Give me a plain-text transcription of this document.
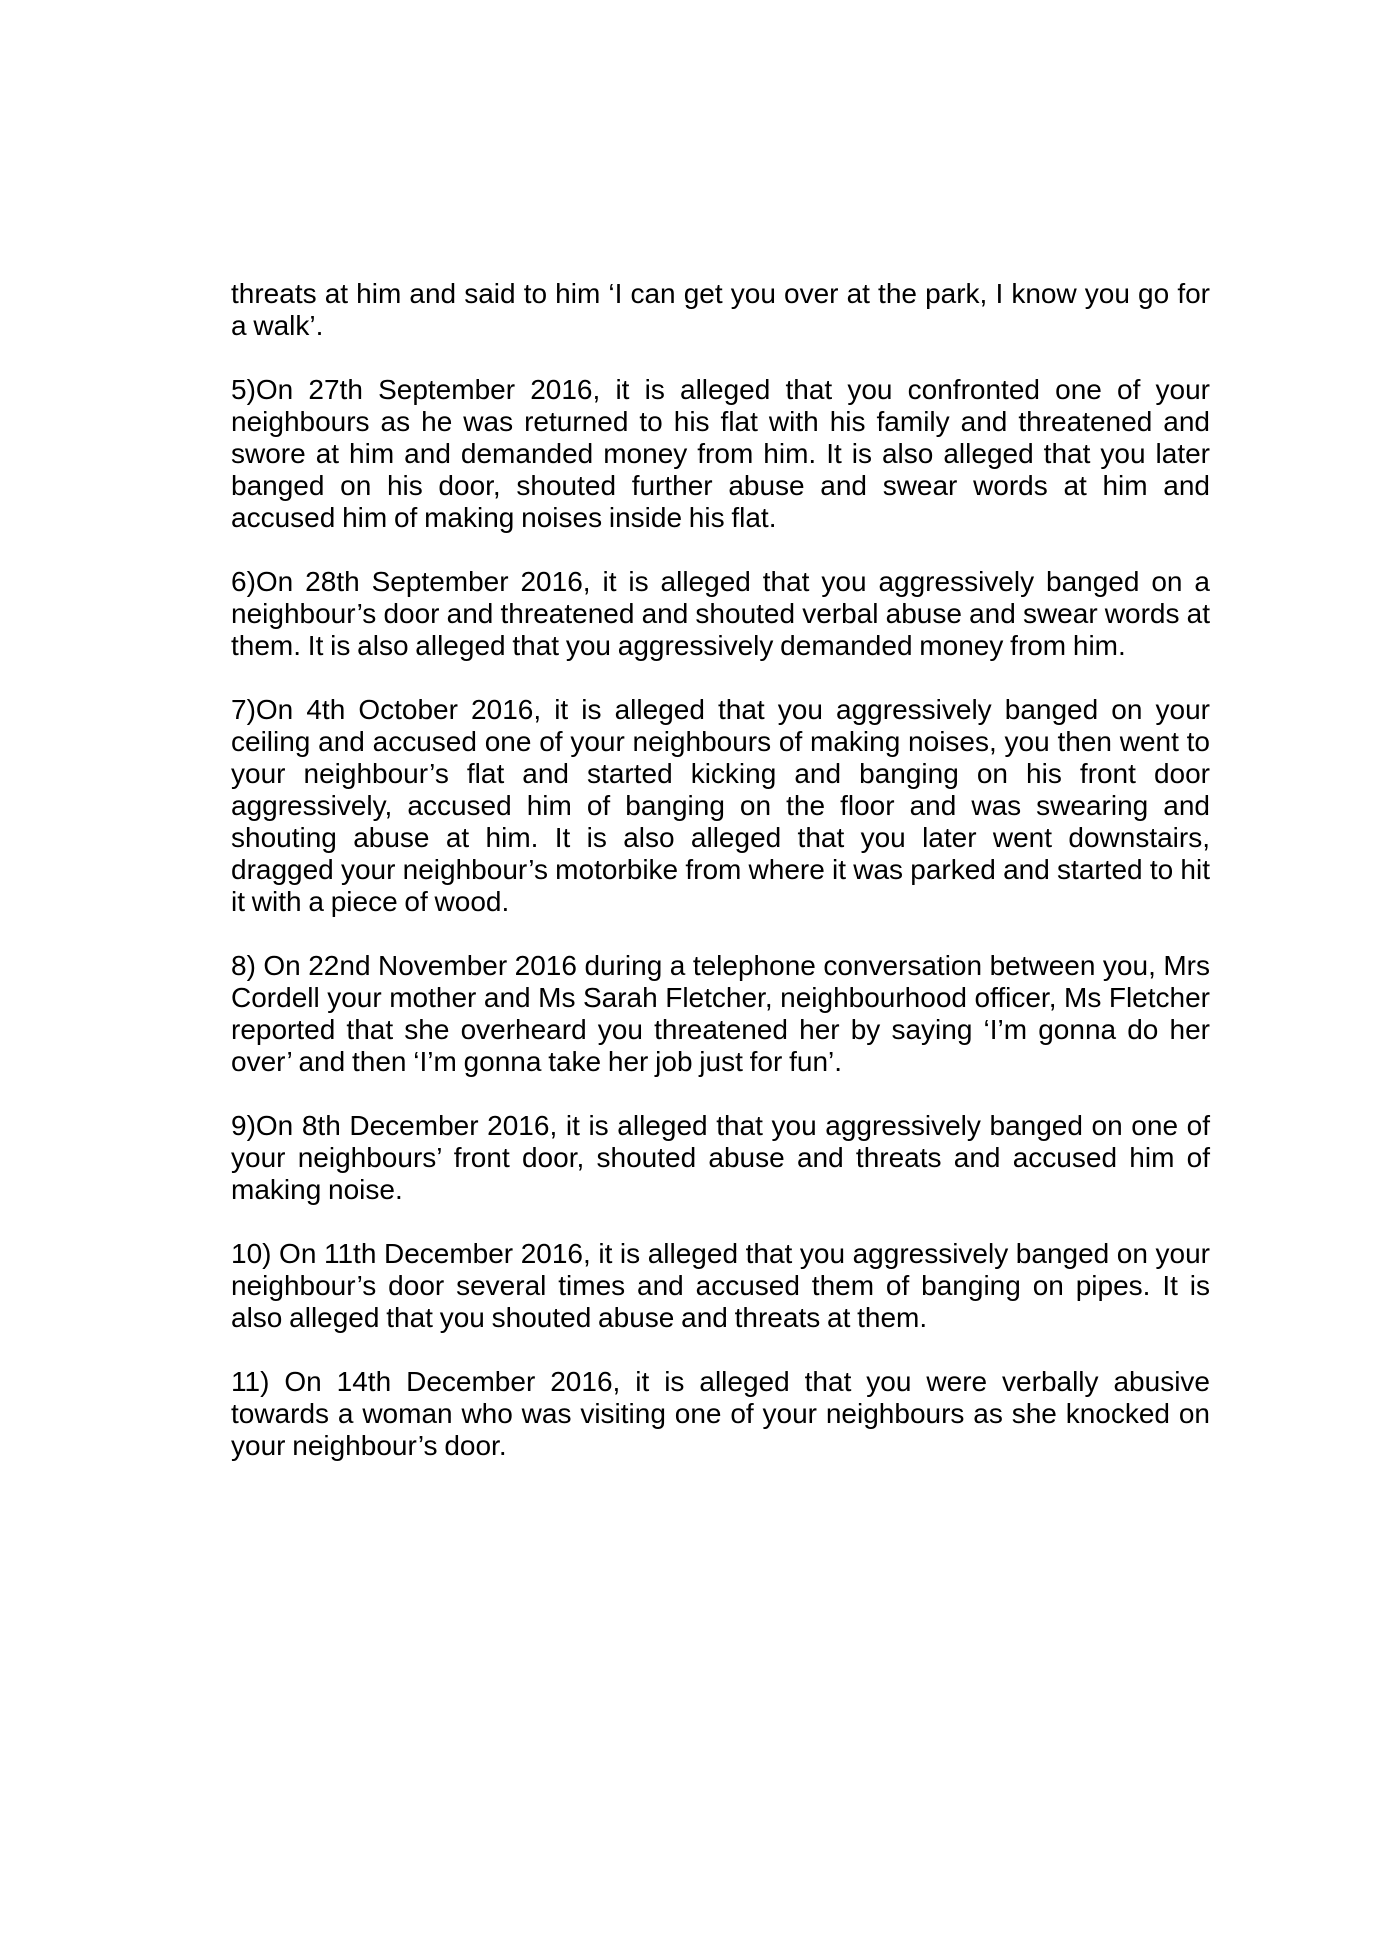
threats at him and said to him ‘I can get you over at the park, I know you go for
a walk’.
5)On 27th September 2016, it is alleged that you confronted one of your
neighbours as he was returned to his flat with his family and threatened and
swore at him and demanded money from him. It is also alleged that you later
banged on his door, shouted further abuse and swear words at him and
accused him of making noises inside his flat.
6)On 28th September 2016, it is alleged that you aggressively banged on a
neighbour’s door and threatened and shouted verbal abuse and swear words at
them. It is also alleged that you aggressively demanded money from him.
7)On 4th October 2016, it is alleged that you aggressively banged on your
ceiling and accused one of your neighbours of making noises, you then went to
your neighbour’s flat and started kicking and banging on his front door
aggressively, accused him of banging on the floor and was swearing and
shouting abuse at him. It is also alleged that you later went downstairs,
dragged your neighbour’s motorbike from where it was parked and started to hit
it with a piece of wood.
8) On 22nd November 2016 during a telephone conversation between you, Mrs
Cordell your mother and Ms Sarah Fletcher, neighbourhood officer, Ms Fletcher
reported that she overheard you threatened her by saying ‘I’m gonna do her
over’ and then ‘I’m gonna take her job just for fun’.
9)On 8th December 2016, it is alleged that you aggressively banged on one of
your neighbours’ front door, shouted abuse and threats and accused him of
making noise.
10) On 11th December 2016, it is alleged that you aggressively banged on your
neighbour’s door several times and accused them of banging on pipes. It is
also alleged that you shouted abuse and threats at them.
11) On 14th December 2016, it is alleged that you were verbally abusive
towards a woman who was visiting one of your neighbours as she knocked on
your neighbour’s door.
